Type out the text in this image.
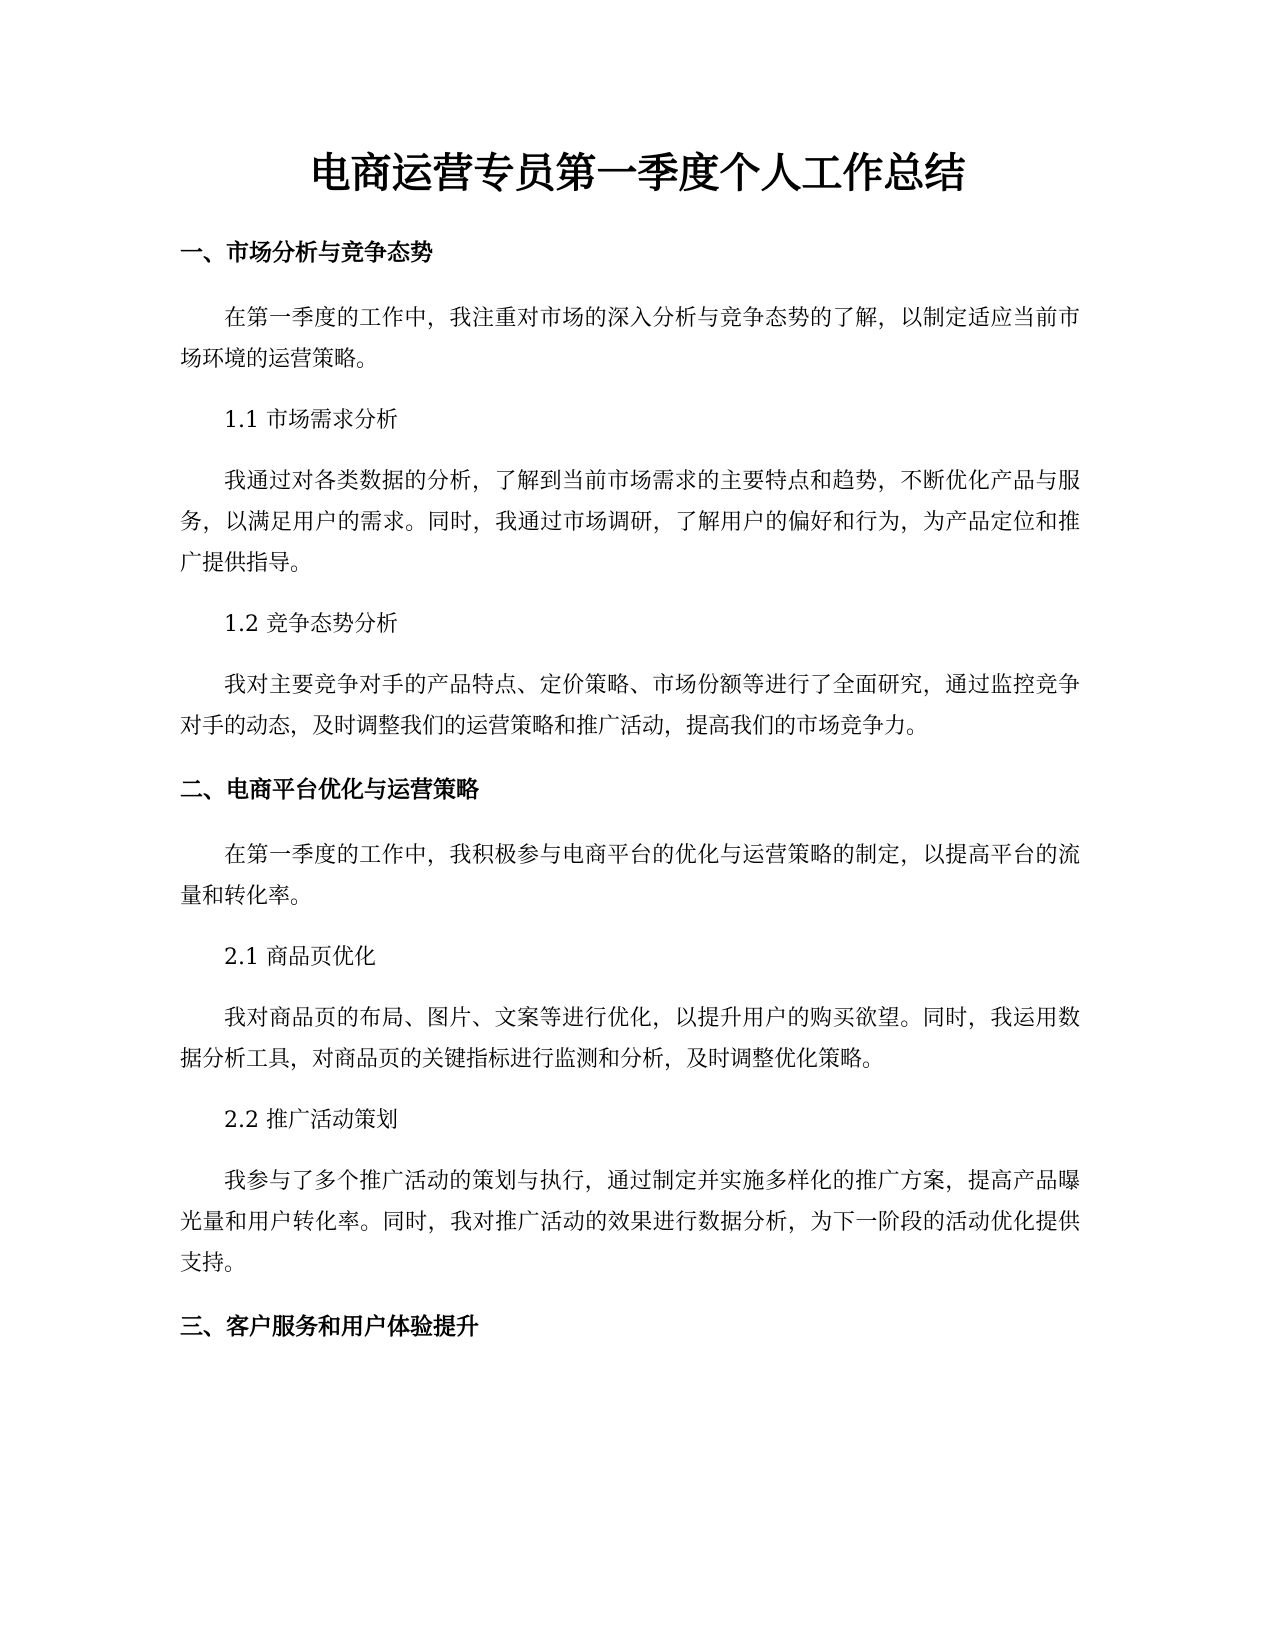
电商运营专员第一季度个人工作总结
一、市场分析与竞争态势
在第一季度的工作中，我注重对市场的深入分析与竞争态势的了解，以制定适应当前市场环境的运营策略。
1.1 市场需求分析
我通过对各类数据的分析，了解到当前市场需求的主要特点和趋势，不断优化产品与服务，以满足用户的需求。同时，我通过市场调研，了解用户的偏好和行为，为产品定位和推广提供指导。
1.2 竞争态势分析
我对主要竞争对手的产品特点、定价策略、市场份额等进行了全面研究，通过监控竞争对手的动态，及时调整我们的运营策略和推广活动，提高我们的市场竞争力。
二、电商平台优化与运营策略
在第一季度的工作中，我积极参与电商平台的优化与运营策略的制定，以提高平台的流量和转化率。
2.1 商品页优化
我对商品页的布局、图片、文案等进行优化，以提升用户的购买欲望。同时，我运用数据分析工具，对商品页的关键指标进行监测和分析，及时调整优化策略。
2.2 推广活动策划
我参与了多个推广活动的策划与执行，通过制定并实施多样化的推广方案，提高产品曝光量和用户转化率。同时，我对推广活动的效果进行数据分析，为下一阶段的活动优化提供支持。
三、客户服务和用户体验提升
